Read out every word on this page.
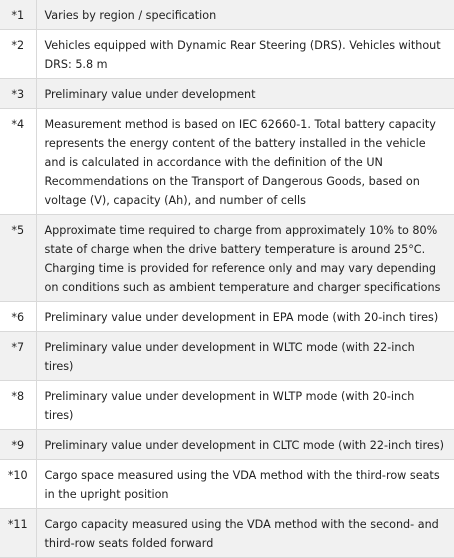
*1	Varies by region / specification
*2	Vehicles equipped with Dynamic Rear Steering (DRS). Vehicles without DRS: 5.8 m
*3	Preliminary value under development
*4	Measurement method is based on IEC 62660-1. Total battery capacity represents the energy content of the battery installed in the vehicle and is calculated in accordance with the definition of the UN Recommendations on the Transport of Dangerous Goods, based on voltage (V), capacity (Ah), and number of cells
*5	Approximate time required to charge from approximately 10% to 80% state of charge when the drive battery temperature is around 25°C. Charging time is provided for reference only and may vary depending on conditions such as ambient temperature and charger specifications
*6	Preliminary value under development in EPA mode (with 20-inch tires)
*7	Preliminary value under development in WLTC mode (with 22-inch tires)
*8	Preliminary value under development in WLTP mode (with 20-inch tires)
*9	Preliminary value under development in CLTC mode (with 22-inch tires)
*10	Cargo space measured using the VDA method with the third-row seats in the upright position
*11	Cargo capacity measured using the VDA method with the second- and third-row seats folded forward
